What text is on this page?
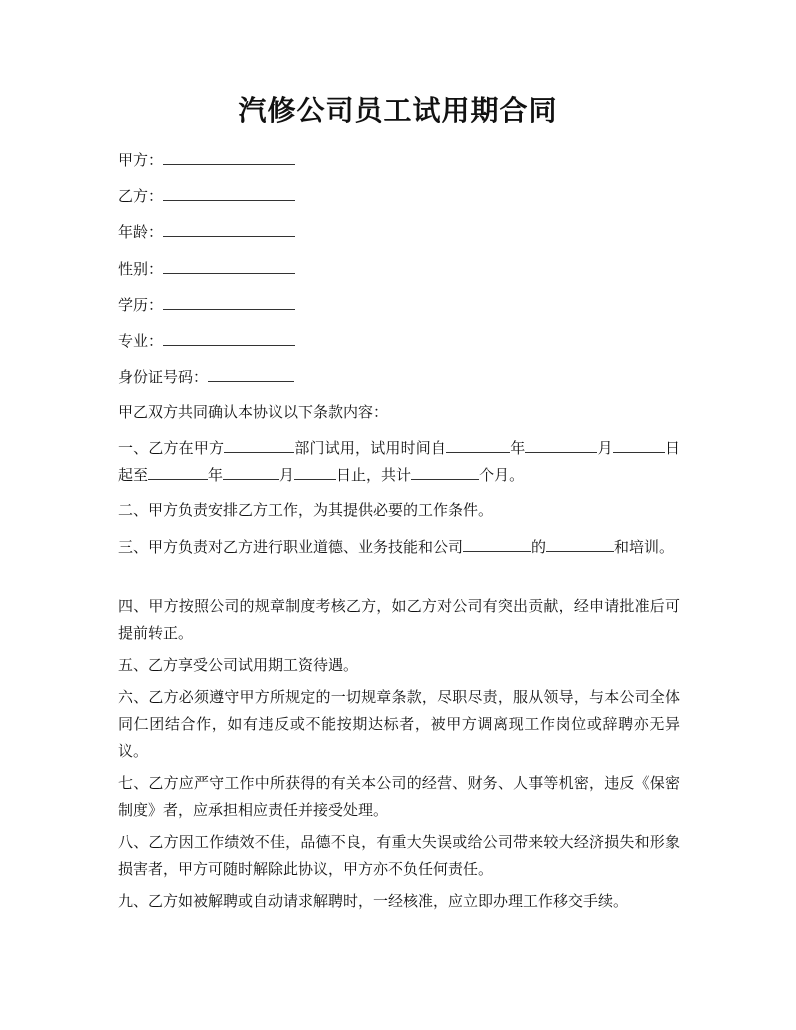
汽修公司员工试用期合同
甲方：
乙方：
年龄：
性别：
学历：
专业：
身份证号码：

甲乙双方共同确认本协议以下条款内容：

一、乙方在甲方	部门试用，试用时间自	年	月	日起至	年	月	日止，共计	个月。

二、甲方负责安排乙方工作，为其提供必要的工作条件。

三、甲方负责对乙方进行职业道德、业务技能和公司	的	和培训。

四、甲方按照公司的规章制度考核乙方，如乙方对公司有突出贡献，经申请批准后可提前转正。

五、乙方享受公司试用期工资待遇。

六、乙方必须遵守甲方所规定的一切规章条款，尽职尽责，服从领导，与本公司全体同仁团结合作，如有违反或不能按期达标者，被甲方调离现工作岗位或辞聘亦无异议。

七、乙方应严守工作中所获得的有关本公司的经营、财务、人事等机密，违反《保密制度》者，应承担相应责任并接受处理。

八、乙方因工作绩效不佳，品德不良，有重大失误或给公司带来较大经济损失和形象损害者，甲方可随时解除此协议，甲方亦不负任何责任。

九、乙方如被解聘或自动请求解聘时，一经核准，应立即办理工作移交手续。
